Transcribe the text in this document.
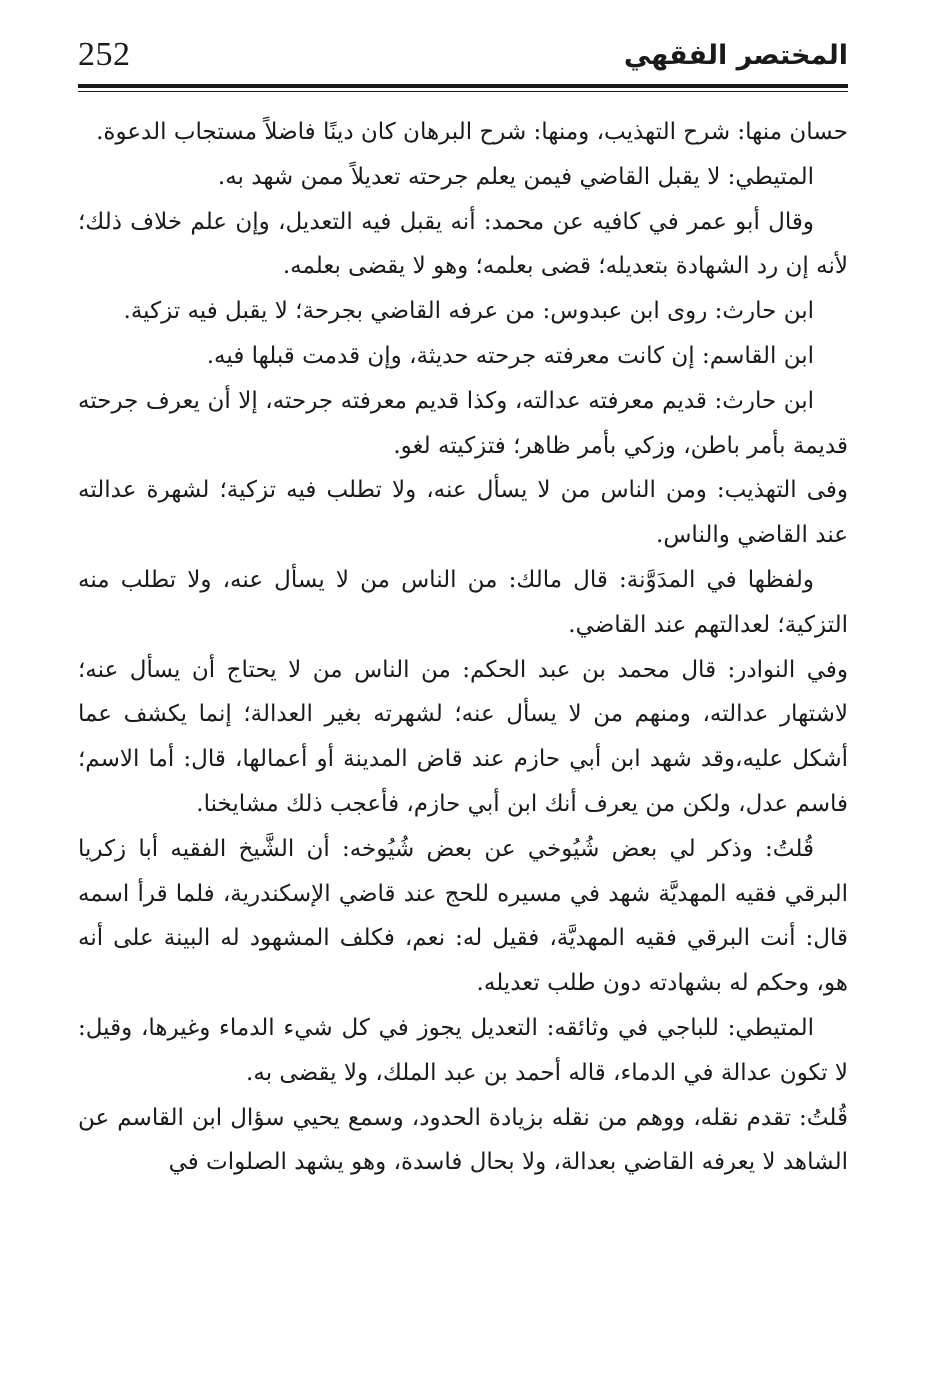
252	المختصر الفقهي

حسان منها: شرح التهذيب، ومنها: شرح البرهان كان دينًا فاضلاً مستجاب الدعوة.

المتيطي: لا يقبل القاضي فيمن يعلم جرحته تعديلاً ممن شهد به.

وقال أبو عمر في كافيه عن محمد: أنه يقبل فيه التعديل، وإن علم خلاف ذلك؛ لأنه إن رد الشهادة بتعديله؛ قضى بعلمه؛ وهو لا يقضى بعلمه.

ابن حارث: روى ابن عبدوس: من عرفه القاضي بجرحة؛ لا يقبل فيه تزكية.

ابن القاسم: إن كانت معرفته جرحته حديثة، وإن قدمت قبلها فيه.

ابن حارث: قديم معرفته عدالته، وكذا قديم معرفته جرحته، إلا أن يعرف جرحته قديمة بأمر باطن، وزكي بأمر ظاهر؛ فتزكيته لغو.

وفى التهذيب: ومن الناس من لا يسأل عنه، ولا تطلب فيه تزكية؛ لشهرة عدالته عند القاضي والناس.

ولفظها في المدَوَّنة: قال مالك: من الناس من لا يسأل عنه، ولا تطلب منه التزكية؛ لعدالتهم عند القاضي.

وفي النوادر: قال محمد بن عبد الحكم: من الناس من لا يحتاج أن يسأل عنه؛ لاشتهار عدالته، ومنهم من لا يسأل عنه؛ لشهرته بغير العدالة؛ إنما يكشف عما أشكل عليه،وقد شهد ابن أبي حازم عند قاض المدينة أو أعمالها، قال: أما الاسم؛ فاسم عدل، ولكن من يعرف أنك ابن أبي حازم، فأعجب ذلك مشايخنا.

قُلتُ: وذكر لي بعض شُيُوخي عن بعض شُيُوخه: أن الشَّيخ الفقيه أبا زكريا البرقي فقيه المهديَّة شهد في مسيره للحج عند قاضي الإسكندرية، فلما قرأ اسمه قال: أنت البرقي فقيه المهديَّة، فقيل له: نعم، فكلف المشهود له البينة على أنه هو، وحكم له بشهادته دون طلب تعديله.

المتيطي: للباجي في وثائقه: التعديل يجوز في كل شيء الدماء وغيرها، وقيل: لا تكون عدالة في الدماء، قاله أحمد بن عبد الملك، ولا يقضى به.

قُلتُ: تقدم نقله، ووهم من نقله بزيادة الحدود، وسمع يحيي سؤال ابن القاسم عن الشاهد لا يعرفه القاضي بعدالة، ولا بحال فاسدة، وهو يشهد الصلوات في
